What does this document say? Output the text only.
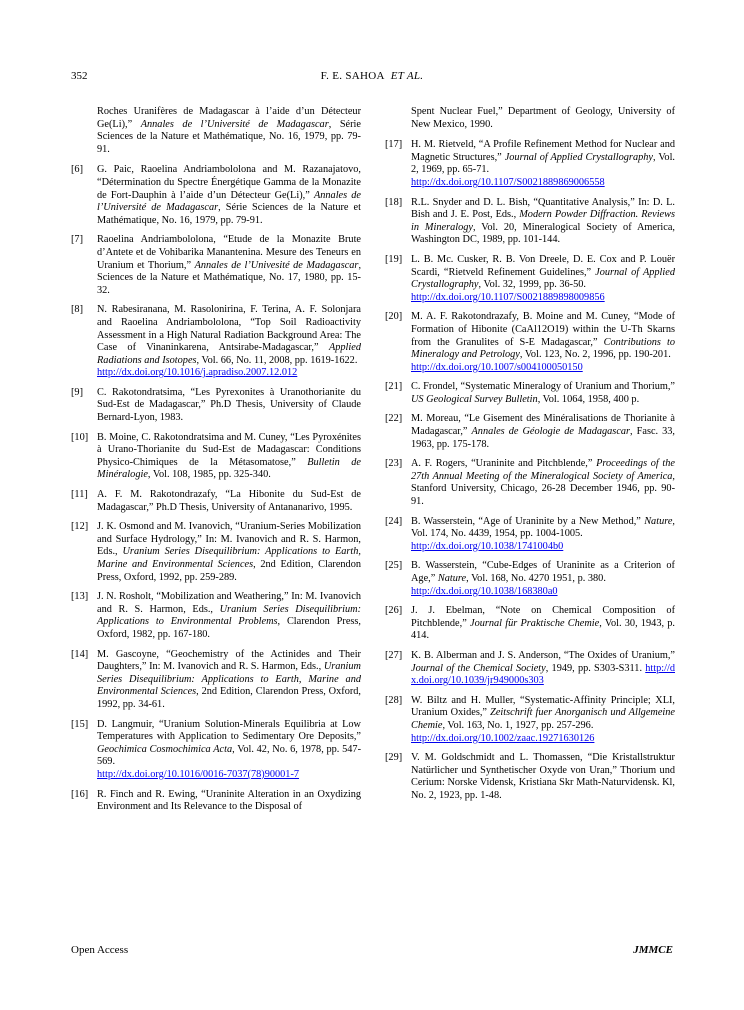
352	F. E. SAHOA ET AL.
Roches Uranifères de Madagascar à l’aide d’un Détecteur Ge(Li),” Annales de l’Université de Madagascar, Série Sciences de la Nature et Mathématique, No. 16, 1979, pp. 79-91.
[6] G. Paic, Raoelina Andriambololona and M. Razanajatovo, “Détermination du Spectre Énergétique Gamma de la Monazite de Fort-Dauphin à l’aide d’un Détecteur Ge(Li),” Annales de l’Université de Madagascar, Série Sciences de la Nature et Mathématique, No. 16, 1979, pp. 79-91.
[7] Raoelina Andriambololona, “Etude de la Monazite Brute d’Antete et de Vohibarika Manantenina. Mesure des Teneurs en Uranium et Thorium,” Annales de l’Univesité de Madagascar, Sciences de la Nature et Mathématique, No. 17, 1980, pp. 15-32.
[8] N. Rabesiranana, M. Rasolonirina, F. Terina, A. F. Solonjara and Raoelina Andriambololona, “Top Soil Radioactivity Assessment in a High Natural Radiation Background Area: The Case of Vinaninkarena, Antsirabe-Madagascar,” Applied Radiations and Isotopes, Vol. 66, No. 11, 2008, pp. 1619-1622.
http://dx.doi.org/10.1016/j.apradiso.2007.12.012
[9] C. Rakotondratsima, “Les Pyrexonites à Uranothorianite du Sud-Est de Madagascar,” Ph.D Thesis, University of Claude Bernard-Lyon, 1983.
[10] B. Moine, C. Rakotondratsima and M. Cuney, “Les Pyroxénites à Urano-Thorianite du Sud-Est de Madagascar: Conditions Physico-Chimiques de la Métasomatose,” Bulletin de Minéralogie, Vol. 108, 1985, pp. 325-340.
[11] A. F. M. Rakotondrazafy, “La Hibonite du Sud-Est de Madagascar,” Ph.D Thesis, University of Antananarivo, 1995.
[12] J. K. Osmond and M. Ivanovich, “Uranium-Series Mobilization and Surface Hydrology,” In: M. Ivanovich and R. S. Harmon, Eds., Uranium Series Disequilibrium: Applications to Earth, Marine and Environmental Sciences, 2nd Edition, Clarendon Press, Oxford, 1992, pp. 259-289.
[13] J. N. Rosholt, “Mobilization and Weathering,” In: M. Ivanovich and R. S. Harmon, Eds., Uranium Series Disequilibrium: Applications to Environmental Problems, Clarendon Press, Oxford, 1982, pp. 167-180.
[14] M. Gascoyne, “Geochemistry of the Actinides and Their Daughters,” In: M. Ivanovich and R. S. Harmon, Eds., Uranium Series Disequilibrium: Applications to Earth, Marine and Environmental Sciences, 2nd Edition, Clarendon Press, Oxford, 1992, pp. 34-61.
[15] D. Langmuir, “Uranium Solution-Minerals Equilibria at Low Temperatures with Application to Sedimentary Ore Deposits,” Geochimica Cosmochimica Acta, Vol. 42, No. 6, 1978, pp. 547-569.
http://dx.doi.org/10.1016/0016-7037(78)90001-7
[16] R. Finch and R. Ewing, “Uraninite Alteration in an Oxydizing Environment and Its Relevance to the Disposal of
Spent Nuclear Fuel,” Department of Geology, University of New Mexico, 1990.
[17] H. M. Rietveld, “A Profile Refinement Method for Nuclear and Magnetic Structures,” Journal of Applied Crystallography, Vol. 2, 1969, pp. 65-71.
http://dx.doi.org/10.1107/S0021889869006558
[18] R.L. Snyder and D. L. Bish, “Quantitative Analysis,” In: D. L. Bish and J. E. Post, Eds., Modern Powder Diffraction. Reviews in Mineralogy, Vol. 20, Mineralogical Society of America, Washington DC, 1989, pp. 101-144.
[19] L. B. Mc. Cusker, R. B. Von Dreele, D. E. Cox and P. Louër Scardi, “Rietveld Refinement Guidelines,” Journal of Applied Crystallography, Vol. 32, 1999, pp. 36-50.
http://dx.doi.org/10.1107/S0021889898009856
[20] M. A. F. Rakotondrazafy, B. Moine and M. Cuney, “Mode of Formation of Hibonite (CaAl12O19) within the U-Th Skarns from the Granulites of S-E Madagascar,” Contributions to Mineralogy and Petrology, Vol. 123, No. 2, 1996, pp. 190-201.
http://dx.doi.org/10.1007/s004100050150
[21] C. Frondel, “Systematic Mineralogy of Uranium and Thorium,” US Geological Survey Bulletin, Vol. 1064, 1958, 400 p.
[22] M. Moreau, “Le Gisement des Minéralisations de Thorianite à Madagascar,” Annales de Géologie de Madagascar, Fasc. 33, 1963, pp. 175-178.
[23] A. F. Rogers, “Uraninite and Pitchblende,” Proceedings of the 27th Annual Meeting of the Mineralogical Society of America, Stanford University, Chicago, 26-28 December 1946, pp. 90-91.
[24] B. Wasserstein, “Age of Uraninite by a New Method,” Nature, Vol. 174, No. 4439, 1954, pp. 1004-1005.
http://dx.doi.org/10.1038/1741004b0
[25] B. Wasserstein, “Cube-Edges of Uraninite as a Criterion of Age,” Nature, Vol. 168, No. 4270 1951, p. 380.
http://dx.doi.org/10.1038/168380a0
[26] J. J. Ebelman, “Note on Chemical Composition of Pitchblende,” Journal für Praktische Chemie, Vol. 30, 1943, p. 414.
[27] K. B. Alberman and J. S. Anderson, “The Oxides of Uranium,” Journal of the Chemical Society, 1949, pp. S303-S311. http://dx.doi.org/10.1039/jr949000s303
[28] W. Biltz and H. Muller, “Systematic-Affinity Principle; XLI, Uranium Oxides,” Zeitschrift fuer Anorganisch und Allgemeine Chemie, Vol. 163, No. 1, 1927, pp. 257-296.
http://dx.doi.org/10.1002/zaac.19271630126
[29] V. M. Goldschmidt and L. Thomassen, “Die Kristallstruktur Natürlicher und Synthetischer Oxyde von Uran,” Thorium und Cerium: Norske Vidensk, Kristiana Skr Math-Naturvidensk. Kl, No. 2, 1923, pp. 1-48.
Open Access	JMMCE
